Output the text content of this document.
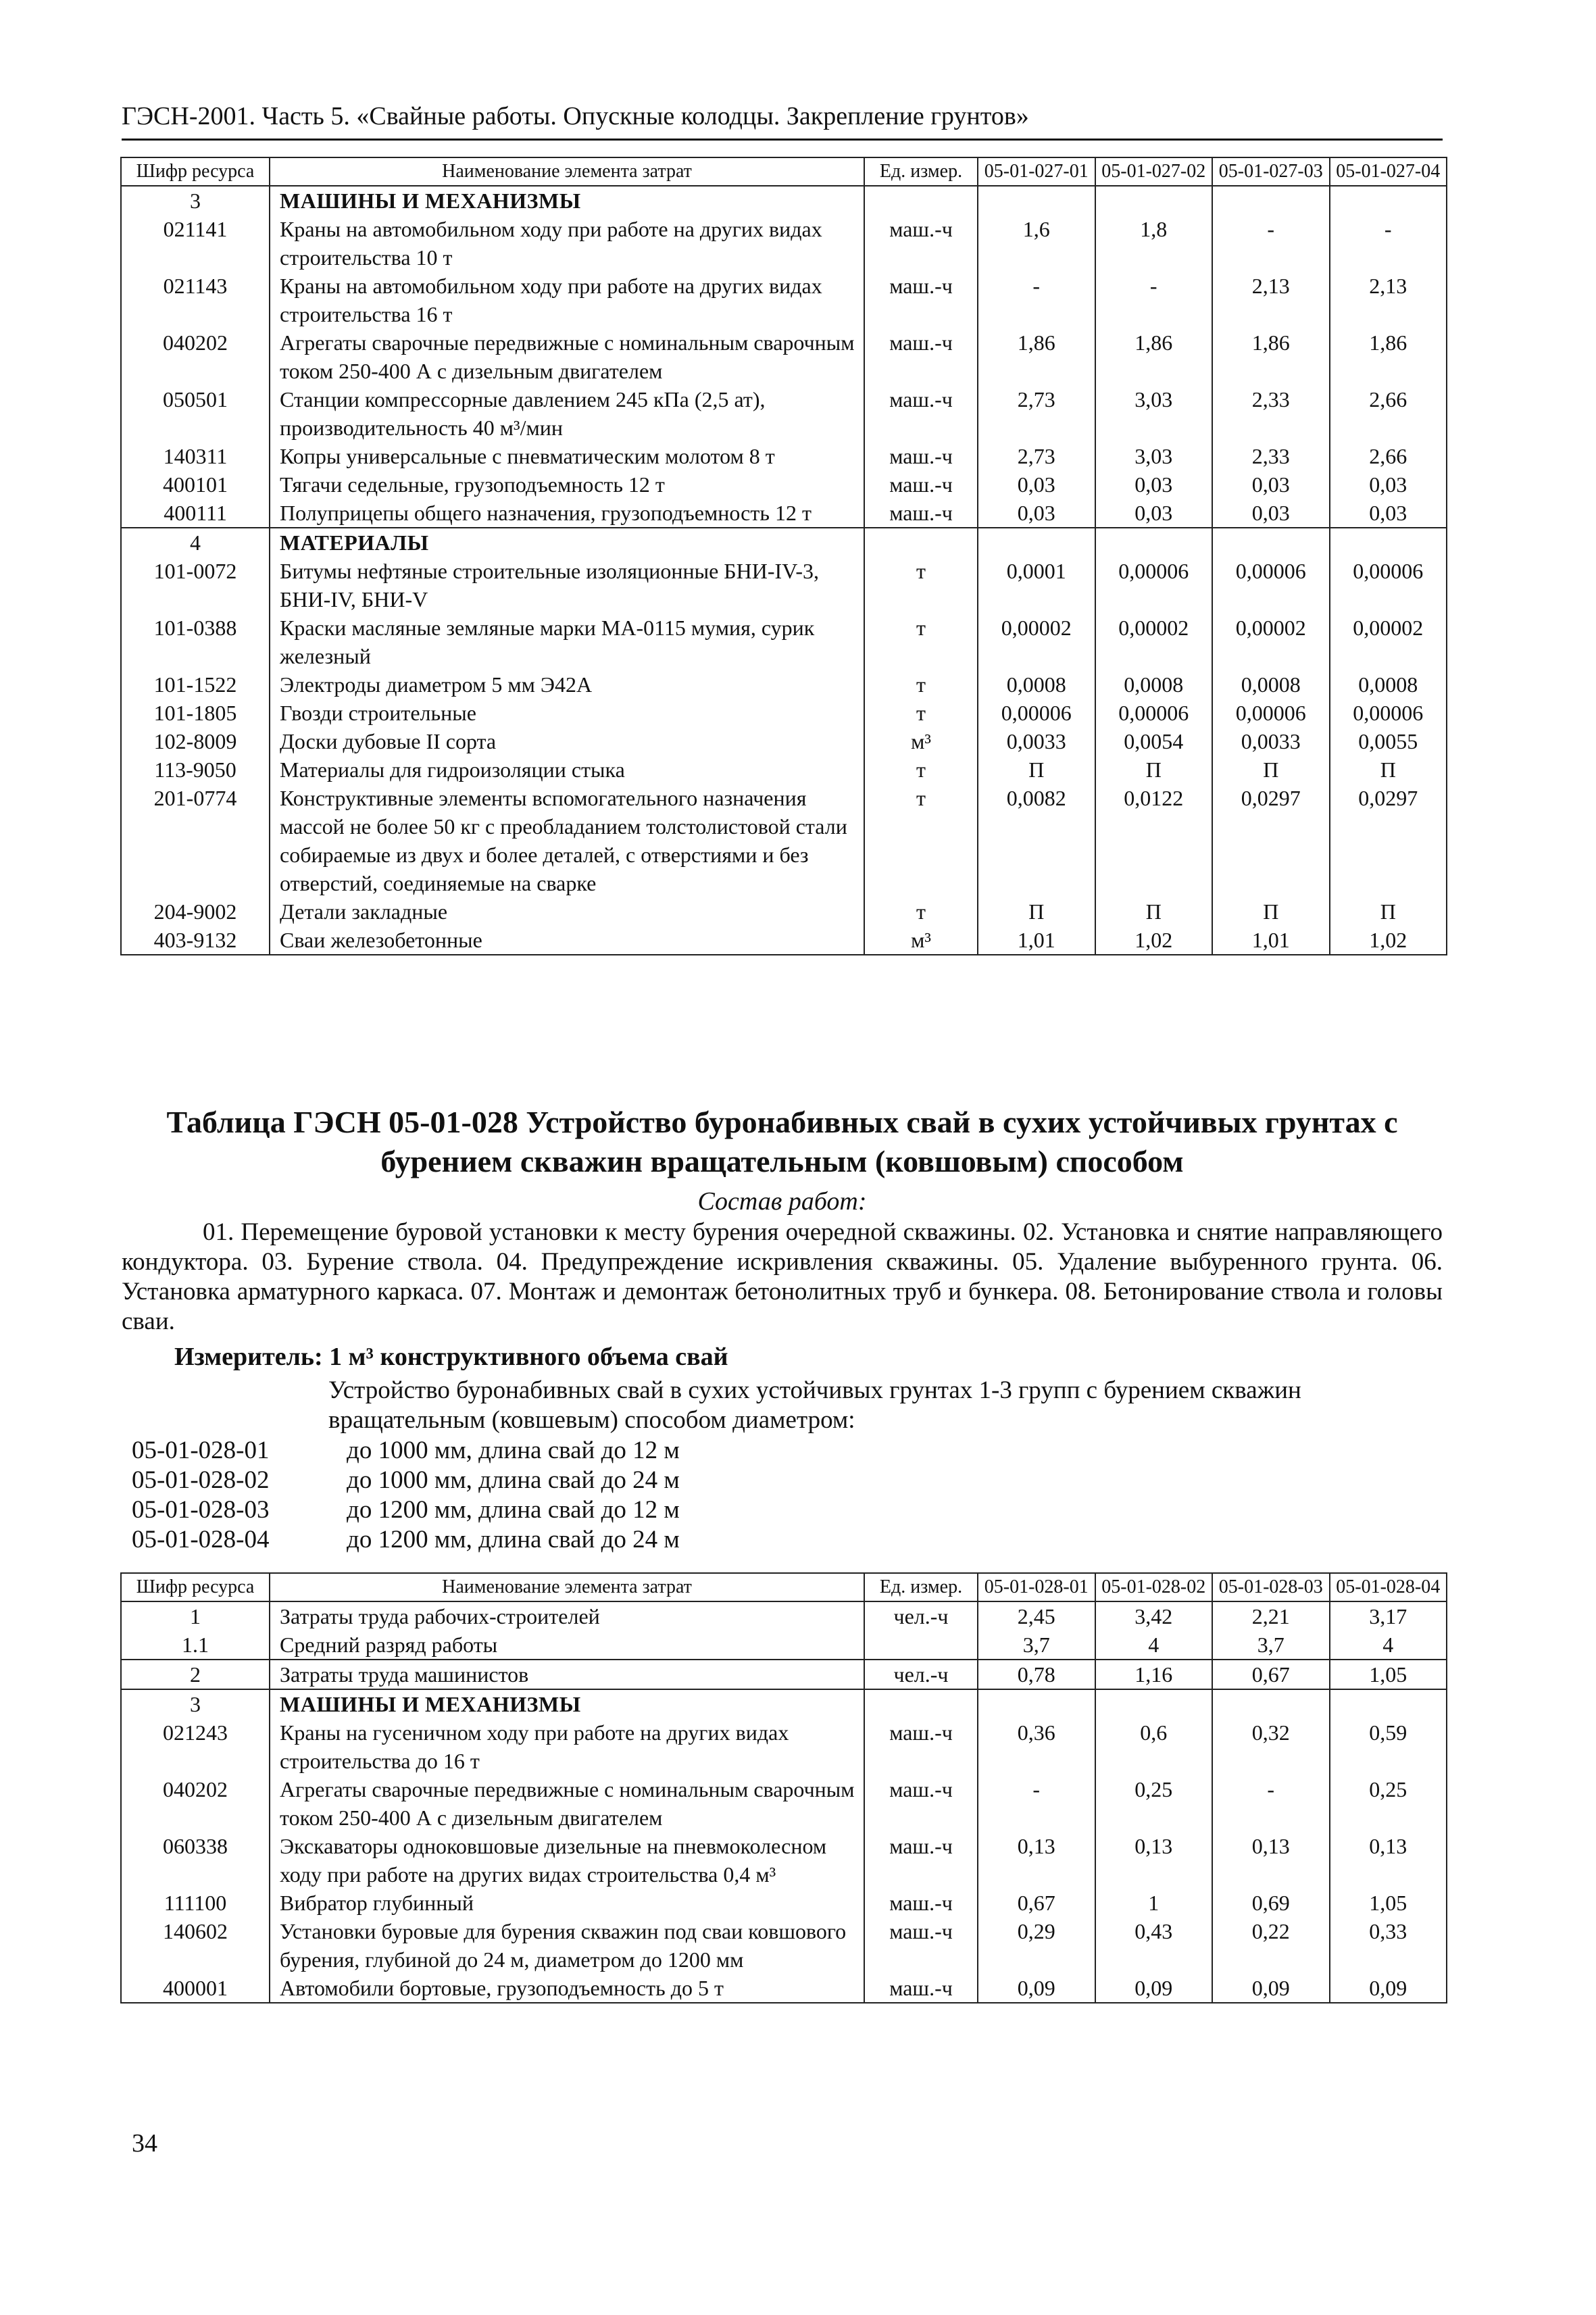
ГЭСН-2001. Часть 5. «Свайные работы. Опускные колодцы. Закрепление грунтов»
Шифр ресурса	Наименование элемента затрат	Ед. измер.	05-01-027-01	05-01-027-02	05-01-027-03	05-01-027-04
3	МАШИНЫ И МЕХАНИЗМЫ					
021141	Краны на автомобильном ходу при работе на других видах строительства 10 т	маш.-ч	1,6	1,8	-	-
021143	Краны на автомобильном ходу при работе на других видах строительства 16 т	маш.-ч	-	-	2,13	2,13
040202	Агрегаты сварочные передвижные с номинальным сварочным током 250-400 А с дизельным двигателем	маш.-ч	1,86	1,86	1,86	1,86
050501	Станции компрессорные давлением 245 кПа (2,5 ат), производительность 40 м³/мин	маш.-ч	2,73	3,03	2,33	2,66
140311	Копры универсальные с пневматическим молотом 8 т	маш.-ч	2,73	3,03	2,33	2,66
400101	Тягачи седельные, грузоподъемность 12 т	маш.-ч	0,03	0,03	0,03	0,03
400111	Полуприцепы общего назначения, грузоподъемность 12 т	маш.-ч	0,03	0,03	0,03	0,03
4	МАТЕРИАЛЫ					
101-0072	Битумы нефтяные строительные изоляционные БНИ-IV-3, БНИ-IV, БНИ-V	т	0,0001	0,00006	0,00006	0,00006
101-0388	Краски масляные земляные марки МА-0115 мумия, сурик железный	т	0,00002	0,00002	0,00002	0,00002
101-1522	Электроды диаметром 5 мм Э42А	т	0,0008	0,0008	0,0008	0,0008
101-1805	Гвозди строительные	т	0,00006	0,00006	0,00006	0,00006
102-8009	Доски дубовые II сорта	м³	0,0033	0,0054	0,0033	0,0055
113-9050	Материалы для гидроизоляции стыка	т	П	П	П	П
201-0774	Конструктивные элементы вспомогательного назначения массой не более 50 кг с преобладанием толстолистовой стали собираемые из двух и более деталей, с отверстиями и без отверстий, соединяемые на сварке	т	0,0082	0,0122	0,0297	0,0297
204-9002	Детали закладные	т	П	П	П	П
403-9132	Сваи железобетонные	м³	1,01	1,02	1,01	1,02
Таблица ГЭСН 05-01-028 Устройство буронабивных свай в сухих устойчивых грунтах с
бурением скважин вращательным (ковшовым) способом
Состав работ:
01. Перемещение буровой установки к месту бурения очередной скважины. 02. Установка и снятие направляющего кондуктора. 03. Бурение ствола. 04. Предупреждение искривления скважины. 05. Удаление выбуренного грунта. 06. Установка арматурного каркаса. 07. Монтаж и демонтаж бетонолитных труб и бункера. 08. Бетонирование ствола и головы сваи.
Измеритель: 1 м³ конструктивного объема свай
Устройство буронабивных свай в сухих устойчивых грунтах 1-3 групп с бурением скважин вращательным (ковшевым) способом диаметром:
05-01-028-01	до 1000 мм, длина свай до 12 м
05-01-028-02	до 1000 мм, длина свай до 24 м
05-01-028-03	до 1200 мм, длина свай до 12 м
05-01-028-04	до 1200 мм, длина свай до 24 м
Шифр ресурса	Наименование элемента затрат	Ед. измер.	05-01-028-01	05-01-028-02	05-01-028-03	05-01-028-04
1	Затраты труда рабочих-строителей	чел.-ч	2,45	3,42	2,21	3,17
1.1	Средний разряд работы		3,7	4	3,7	4
2	Затраты труда машинистов	чел.-ч	0,78	1,16	0,67	1,05
3	МАШИНЫ И МЕХАНИЗМЫ					
021243	Краны на гусеничном ходу при работе на других видах строительства до 16 т	маш.-ч	0,36	0,6	0,32	0,59
040202	Агрегаты сварочные передвижные с номинальным сварочным током 250-400 А с дизельным двигателем	маш.-ч	-	0,25	-	0,25
060338	Экскаваторы одноковшовые дизельные на пневмоколесном ходу при работе на других видах строительства 0,4 м³	маш.-ч	0,13	0,13	0,13	0,13
111100	Вибратор глубинный	маш.-ч	0,67	1	0,69	1,05
140602	Установки буровые для бурения скважин под сваи ковшового бурения, глубиной до 24 м, диаметром до 1200 мм	маш.-ч	0,29	0,43	0,22	0,33
400001	Автомобили бортовые, грузоподъемность до 5 т	маш.-ч	0,09	0,09	0,09	0,09
34
